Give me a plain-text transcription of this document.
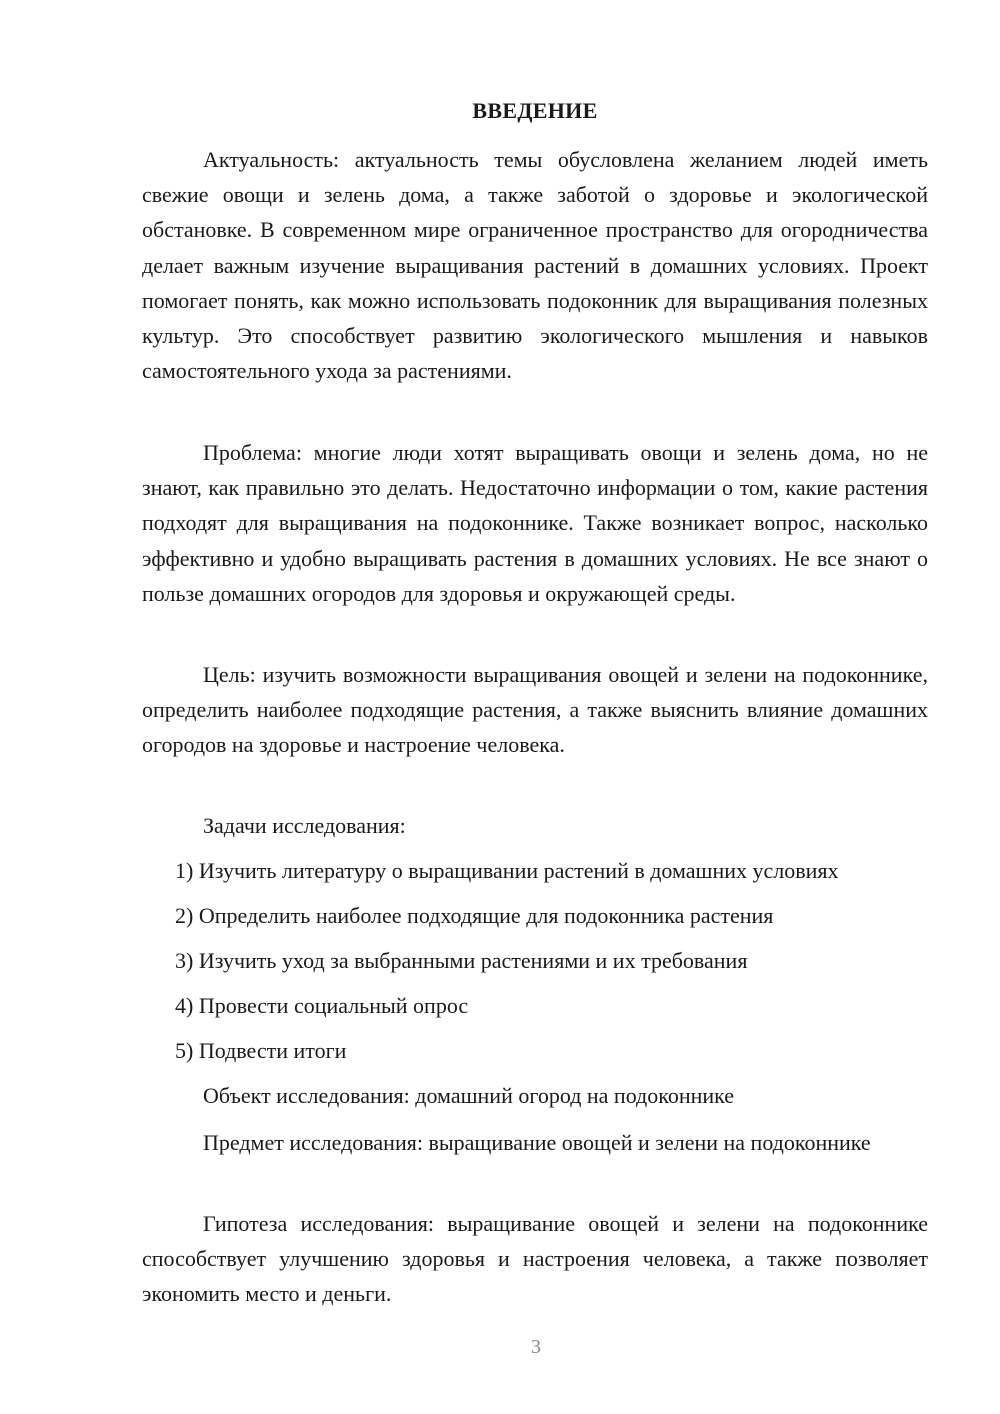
ВВЕДЕНИЕ

Актуальность: актуальность темы обусловлена желанием людей иметь свежие овощи и зелень дома, а также заботой о здоровье и экологической обстановке. В современном мире ограниченное пространство для огородничества делает важным изучение выращивания растений в домашних условиях. Проект помогает понять, как можно использовать подоконник для выращивания полезных культур. Это способствует развитию экологического мышления и навыков самостоятельного ухода за растениями.

Проблема: многие люди хотят выращивать овощи и зелень дома, но не знают, как правильно это делать. Недостаточно информации о том, какие растения подходят для выращивания на подоконнике. Также возникает вопрос, насколько эффективно и удобно выращивать растения в домашних условиях. Не все знают о пользе домашних огородов для здоровья и окружающей среды.

Цель: изучить возможности выращивания овощей и зелени на подоконнике, определить наиболее подходящие растения, а также выяснить влияние домашних огородов на здоровье и настроение человека.

Задачи исследования:
1) Изучить литературу о выращивании растений в домашних условиях
2) Определить наиболее подходящие для подоконника растения
3) Изучить уход за выбранными растениями и их требования
4) Провести социальный опрос
5) Подвести итоги
Объект исследования: домашний огород на подоконнике

Предмет исследования: выращивание овощей и зелени на подоконнике

Гипотеза исследования: выращивание овощей и зелени на подоконнике способствует улучшению здоровья и настроения человека, а также позволяет экономить место и деньги.

3
